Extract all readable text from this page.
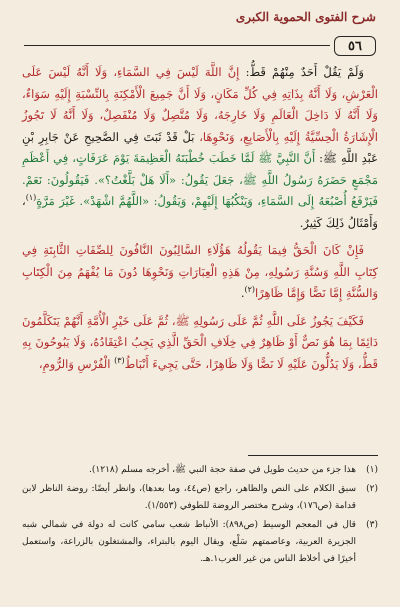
شرح الفتوى الحموية الكبرى
٥٦

وَلَمْ يَقُلْ أَحَدٌ مِنْهُمْ قَطُّ: إِنَّ اللَّهَ لَيْسَ فِي السَّمَاءِ، وَلَا أَنَّهُ لَيْسَ عَلَى الْعَرْشِ، وَلَا أَنَّهُ بِذَاتِهِ فِي كُلِّ مَكَانٍ، وَلَا أَنَّ جَمِيعَ الْأَمْكِنَةِ بِالنِّسْبَةِ إِلَيْهِ سَوَاءٌ، وَلَا أَنَّهُ لَا دَاخِلَ الْعَالَمِ وَلَا خَارِجَهُ، وَلَا مُتَّصِلٌ وَلَا مُنْفَصِلٌ، وَلَا أَنَّهُ لَا تَجُوزُ الْإِشَارَةُ الْحِسِّيَّةُ إِلَيْهِ بِالْأَصَابِعِ، وَنَحْوِهَا، بَلْ قَدْ ثَبَتَ فِي الصَّحِيحِ عَنْ جَابِرِ بْنِ عَبْدِ اللَّهِ ﷺ: أَنَّ النَّبِيَّ ﷺ لَمَّا خَطَبَ خُطْبَتَهُ الْعَظِيمَةَ يَوْمَ عَرَفَاتٍ، فِي أَعْظَمِ مَجْمَعٍ حَضَرَهُ رَسُولُ اللَّهِ ﷺ، جَعَلَ يَقُولُ: «أَلَا هَلْ بَلَّغْتُ؟». فَيَقُولُونَ: نَعَمْ. فَيَرْفَعُ أُصْبُعَهُ إِلَى السَّمَاءِ، وَيَنْكُبُهَا إِلَيْهِمْ، وَيَقُولُ: «اللَّهُمَّ اشْهَدْ». غَيْرَ مَرَّةٍ$^{(١)}$، وَأَمْثَالُ ذَلِكَ كَثِيرٌ.

فَإِنْ كَانَ الْحَقُّ فِيمَا يَقُولُهُ هَؤُلَاءِ السَّالِبُونَ النَّافُونَ لِلصِّفَاتِ الثَّابِتَةِ فِي كِتَابِ اللَّهِ وَسُنَّةِ رَسُولِهِ، مِنْ هَذِهِ الْعِبَارَاتِ وَنَحْوِهَا دُونَ مَا يُفْهَمُ مِنَ الْكِتَابِ وَالسُّنَّةِ إِمَّا نَصًّا وَإِمَّا ظَاهِرًا$^{(٢)}$.

فَكَيْفَ يَجُوزُ عَلَى اللَّهِ ثُمَّ عَلَى رَسُولِهِ ﷺ، ثُمَّ عَلَى خَيْرِ الْأُمَّةِ أَنَّهُمْ يَتَكَلَّمُونَ دَائِمًا بِمَا هُوَ نَصٌّ أَوْ ظَاهِرٌ فِي خِلَافِ الْحَقِّ الَّذِي يَجِبُ اعْتِقَادُهُ، وَلَا يَبُوحُونَ بِهِ قَطُّ، وَلَا يَدُلُّونَ عَلَيْهِ لَا نَصًّا وَلَا ظَاهِرًا، حَتَّى يَجِيءَ أَنْبَاطُ$^{(٣)}$ الْفُرْسِ وَالرُّومِ،

(١)
هذا جزء من حديث طويل في صفة حجة النبي ﷺ، أخرجه مسلم (١٢١٨).
(٢)
سبق الكلام على النص والظاهر، راجع (ص٤٤، وما بعدها)، وانظر أيضًا: روضة الناظر لابن قدامة (ص١٧٦)، وشرح مختصر الروضة للطوفي (١/٥٥٣).
(٣)
قال في المعجم الوسيط (ص٨٩٨): الأنباط شعب سامي كانت له دولة في شمالي شبه الجزيرة العربية، وعاصمتهم سَلْع، ويقال اليوم بالبتراء، والمشتغلون بالزراعة، واستعمل أخيرًا في أخلاط الناس من غير العرب١.هـ.
